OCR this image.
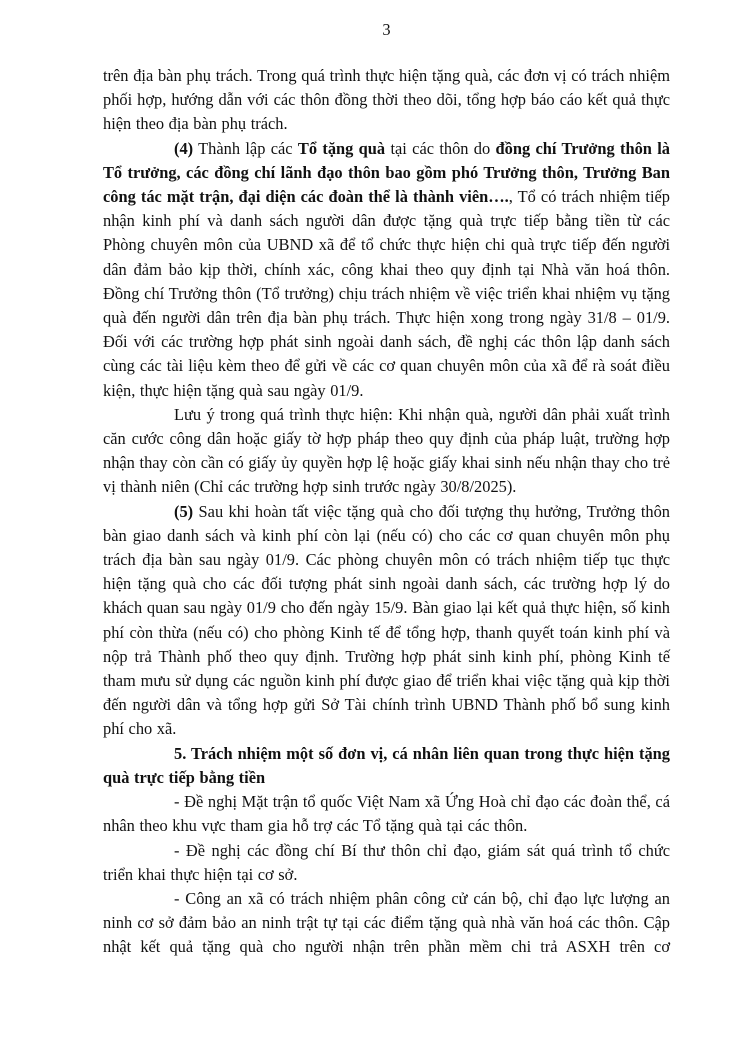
3

trên địa bàn phụ trách. Trong quá trình thực hiện tặng quà, các đơn vị có trách nhiệm phối hợp, hướng dẫn với các thôn đồng thời theo dõi, tổng hợp báo cáo kết quả thực hiện theo địa bàn phụ trách.

(4) Thành lập các Tổ tặng quà tại các thôn do đồng chí Trưởng thôn là Tổ trưởng, các đồng chí lãnh đạo thôn bao gồm phó Trưởng thôn, Trưởng Ban công tác mặt trận, đại diện các đoàn thể là thành viên…., Tổ có trách nhiệm tiếp nhận kinh phí và danh sách người dân được tặng quà trực tiếp bằng tiền từ các Phòng chuyên môn của UBND xã để tổ chức thực hiện chi quà trực tiếp đến người dân đảm bảo kịp thời, chính xác, công khai theo quy định tại Nhà văn hoá thôn. Đồng chí Trưởng thôn (Tổ trưởng) chịu trách nhiệm về việc triển khai nhiệm vụ tặng quà đến người dân trên địa bàn phụ trách. Thực hiện xong trong ngày 31/8 – 01/9. Đối với các trường hợp phát sinh ngoài danh sách, đề nghị các thôn lập danh sách cùng các tài liệu kèm theo để gửi về các cơ quan chuyên môn của xã để rà soát điều kiện, thực hiện tặng quà sau ngày 01/9.

Lưu ý trong quá trình thực hiện: Khi nhận quà, người dân phải xuất trình căn cước công dân hoặc giấy tờ hợp pháp theo quy định của pháp luật, trường hợp nhận thay còn cần có giấy ủy quyền hợp lệ hoặc giấy khai sinh nếu nhận thay cho trẻ vị thành niên (Chỉ các trường hợp sinh trước ngày 30/8/2025).

(5) Sau khi hoàn tất việc tặng quà cho đối tượng thụ hưởng, Trưởng thôn bàn giao danh sách và kinh phí còn lại (nếu có) cho các cơ quan chuyên môn phụ trách địa bàn sau ngày 01/9. Các phòng chuyên môn có trách nhiệm tiếp tục thực hiện tặng quà cho các đối tượng phát sinh ngoài danh sách, các trường hợp lý do khách quan sau ngày 01/9 cho đến ngày 15/9. Bàn giao lại kết quả thực hiện, số kinh phí còn thừa (nếu có) cho phòng Kinh tế để tổng hợp, thanh quyết toán kinh phí và nộp trả Thành phố theo quy định. Trường hợp phát sinh kinh phí, phòng Kinh tế tham mưu sử dụng các nguồn kinh phí được giao để triển khai việc tặng quà kịp thời đến người dân và tổng hợp gửi Sở Tài chính trình UBND Thành phố bổ sung kinh phí cho xã.

5. Trách nhiệm một số đơn vị, cá nhân liên quan trong thực hiện tặng quà trực tiếp bằng tiền

- Đề nghị Mặt trận tổ quốc Việt Nam xã Ứng Hoà chỉ đạo các đoàn thể, cá nhân theo khu vực tham gia hỗ trợ các Tổ tặng quà tại các thôn.

- Đề nghị các đồng chí Bí thư thôn chỉ đạo, giám sát quá trình tổ chức triển khai thực hiện tại cơ sở.

- Công an xã có trách nhiệm phân công cử cán bộ, chỉ đạo lực lượng an ninh cơ sở đảm bảo an ninh trật tự tại các điểm tặng quà nhà văn hoá các thôn. Cập nhật kết quả tặng quà cho người nhận trên phần mềm chi trả ASXH trên cơ
